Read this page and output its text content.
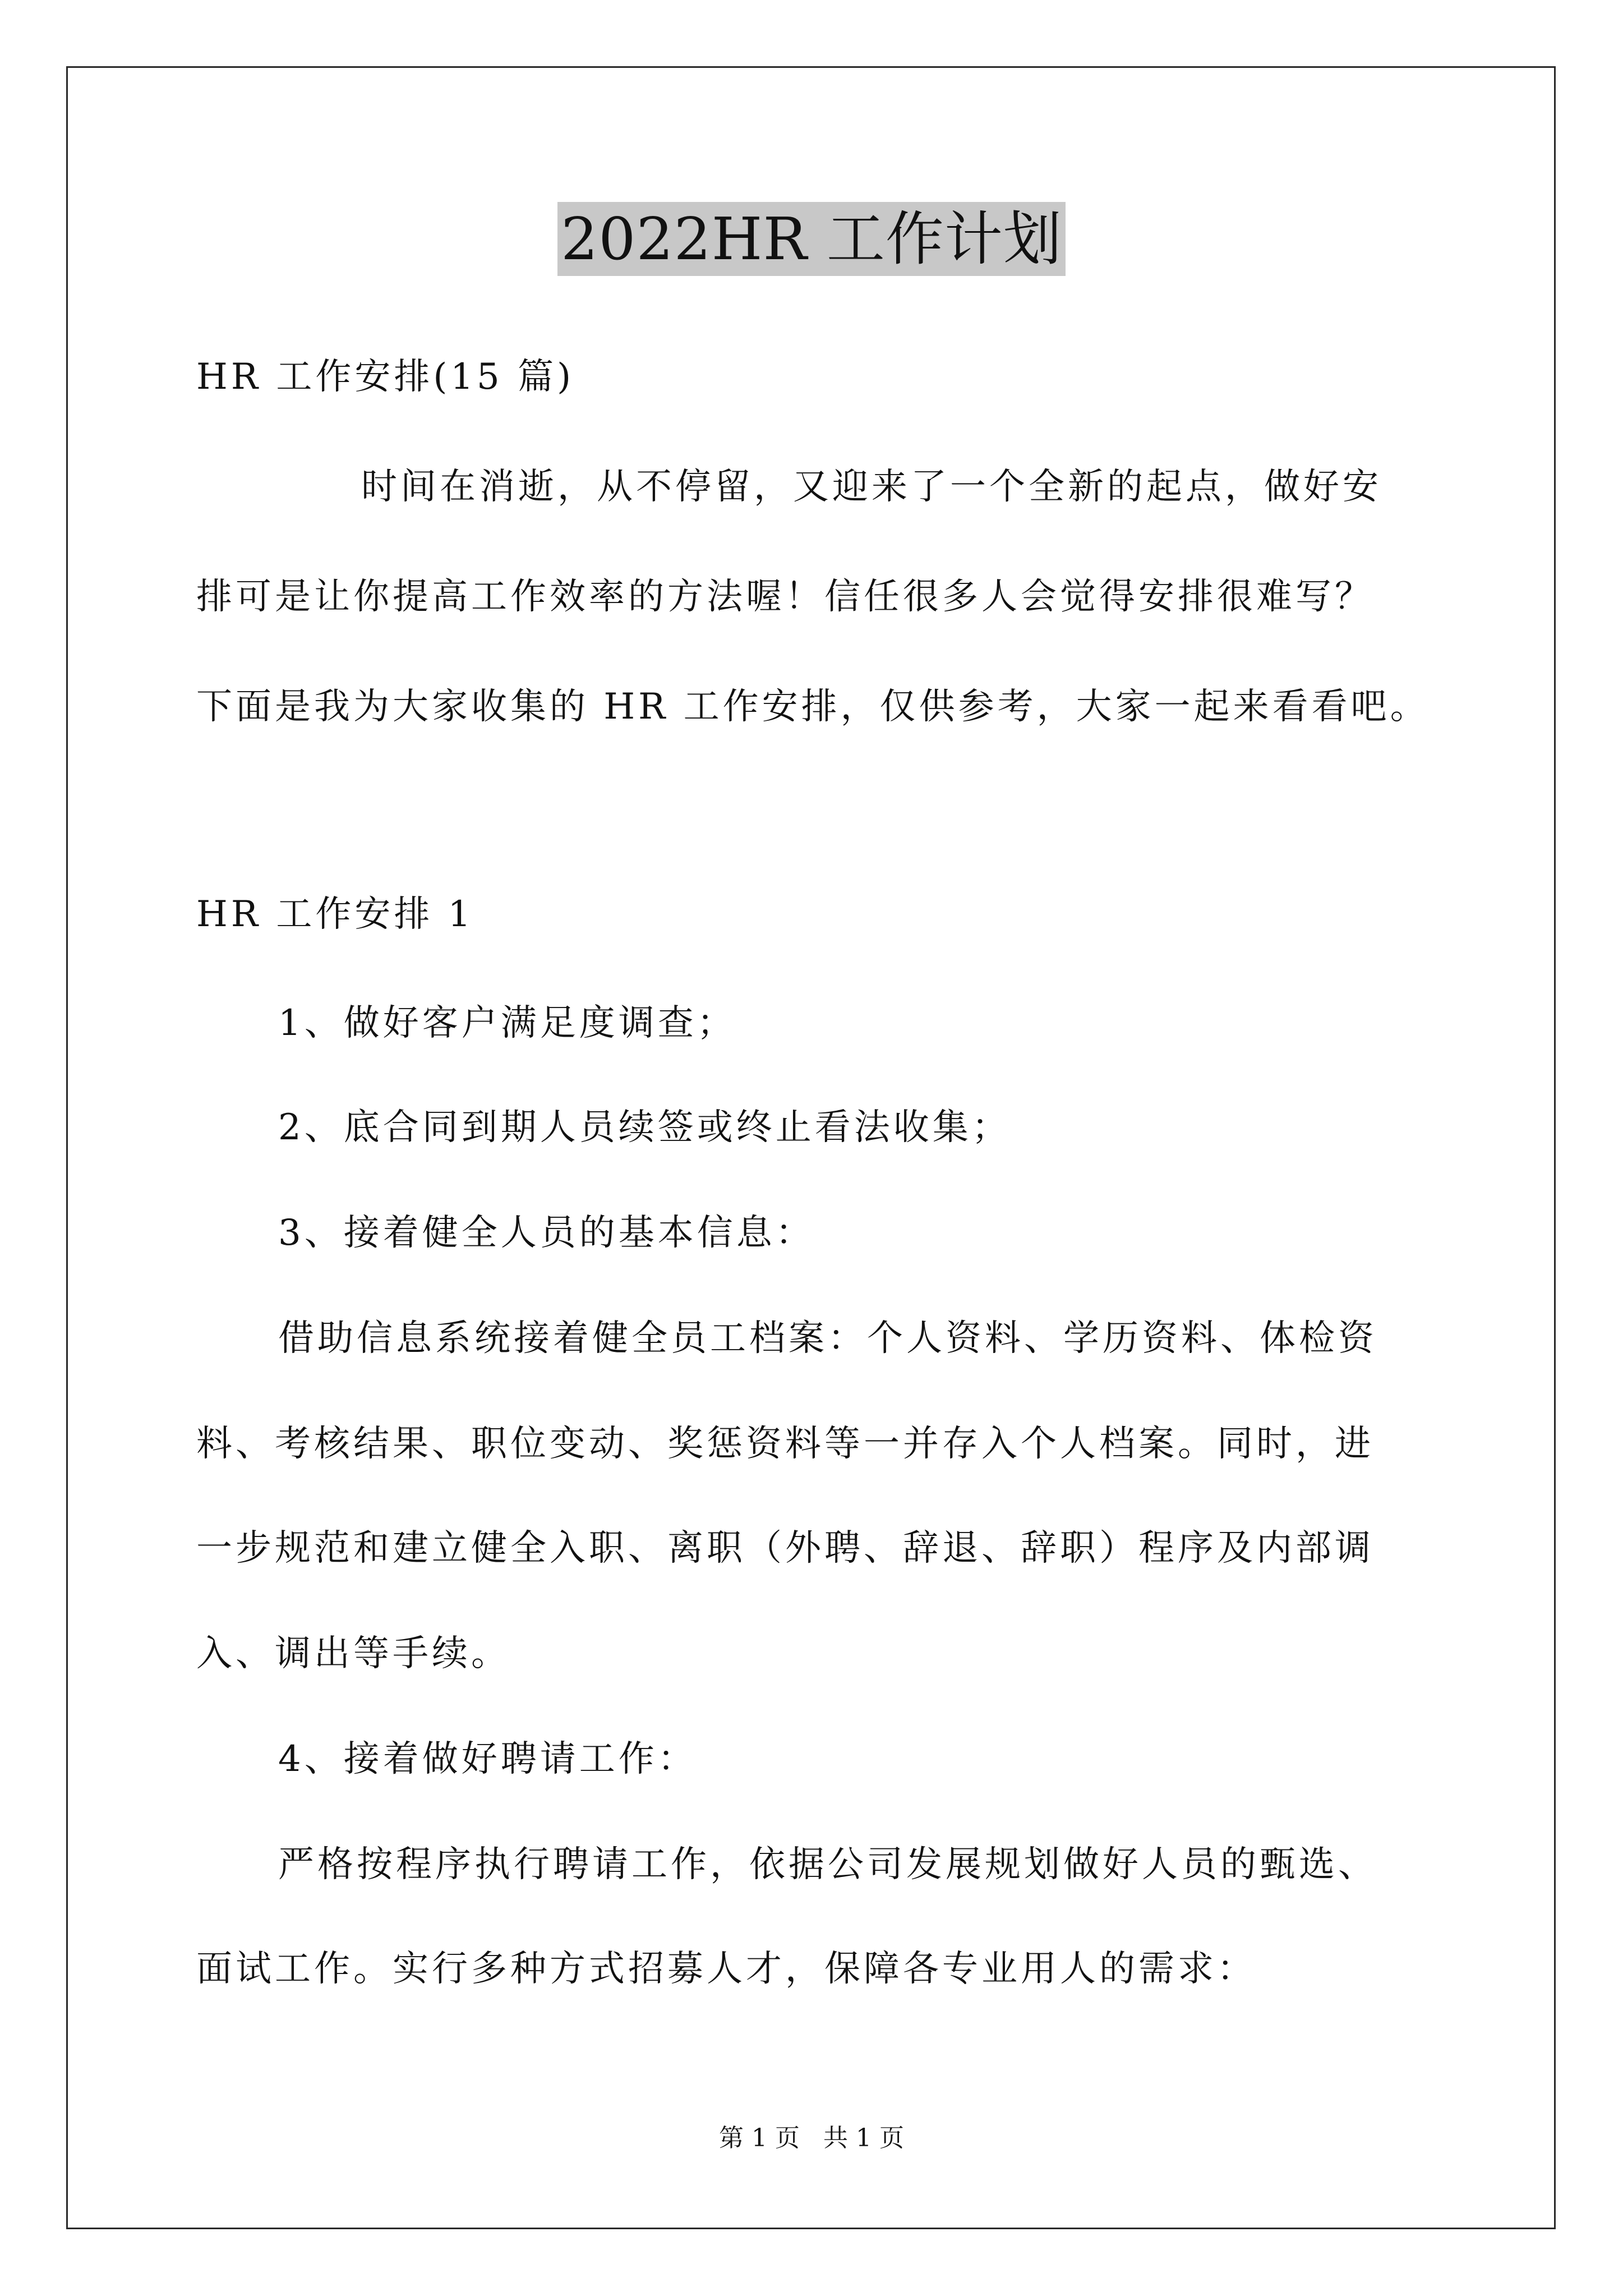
2022HR 工作计划
HR 工作安排(15 篇)
时间在消逝，从不停留，又迎来了一个全新的起点，做好安
排可是让你提高工作效率的方法喔！信任很多人会觉得安排很难写？
下面是我为大家收集的 HR 工作安排，仅供参考，大家一起来看看吧。
HR 工作安排 1
1、做好客户满足度调查；
2、底合同到期人员续签或终止看法收集；
3、接着健全人员的基本信息：
借助信息系统接着健全员工档案：个人资料、学历资料、体检资
料、考核结果、职位变动、奖惩资料等一并存入个人档案。同时，进
一步规范和建立健全入职、离职（外聘、辞退、辞职）程序及内部调
入、调出等手续。
4、接着做好聘请工作：
严格按程序执行聘请工作，依据公司发展规划做好人员的甄选、
面试工作。实行多种方式招募人才，保障各专业用人的需求：
第 1 页 共 1 页
